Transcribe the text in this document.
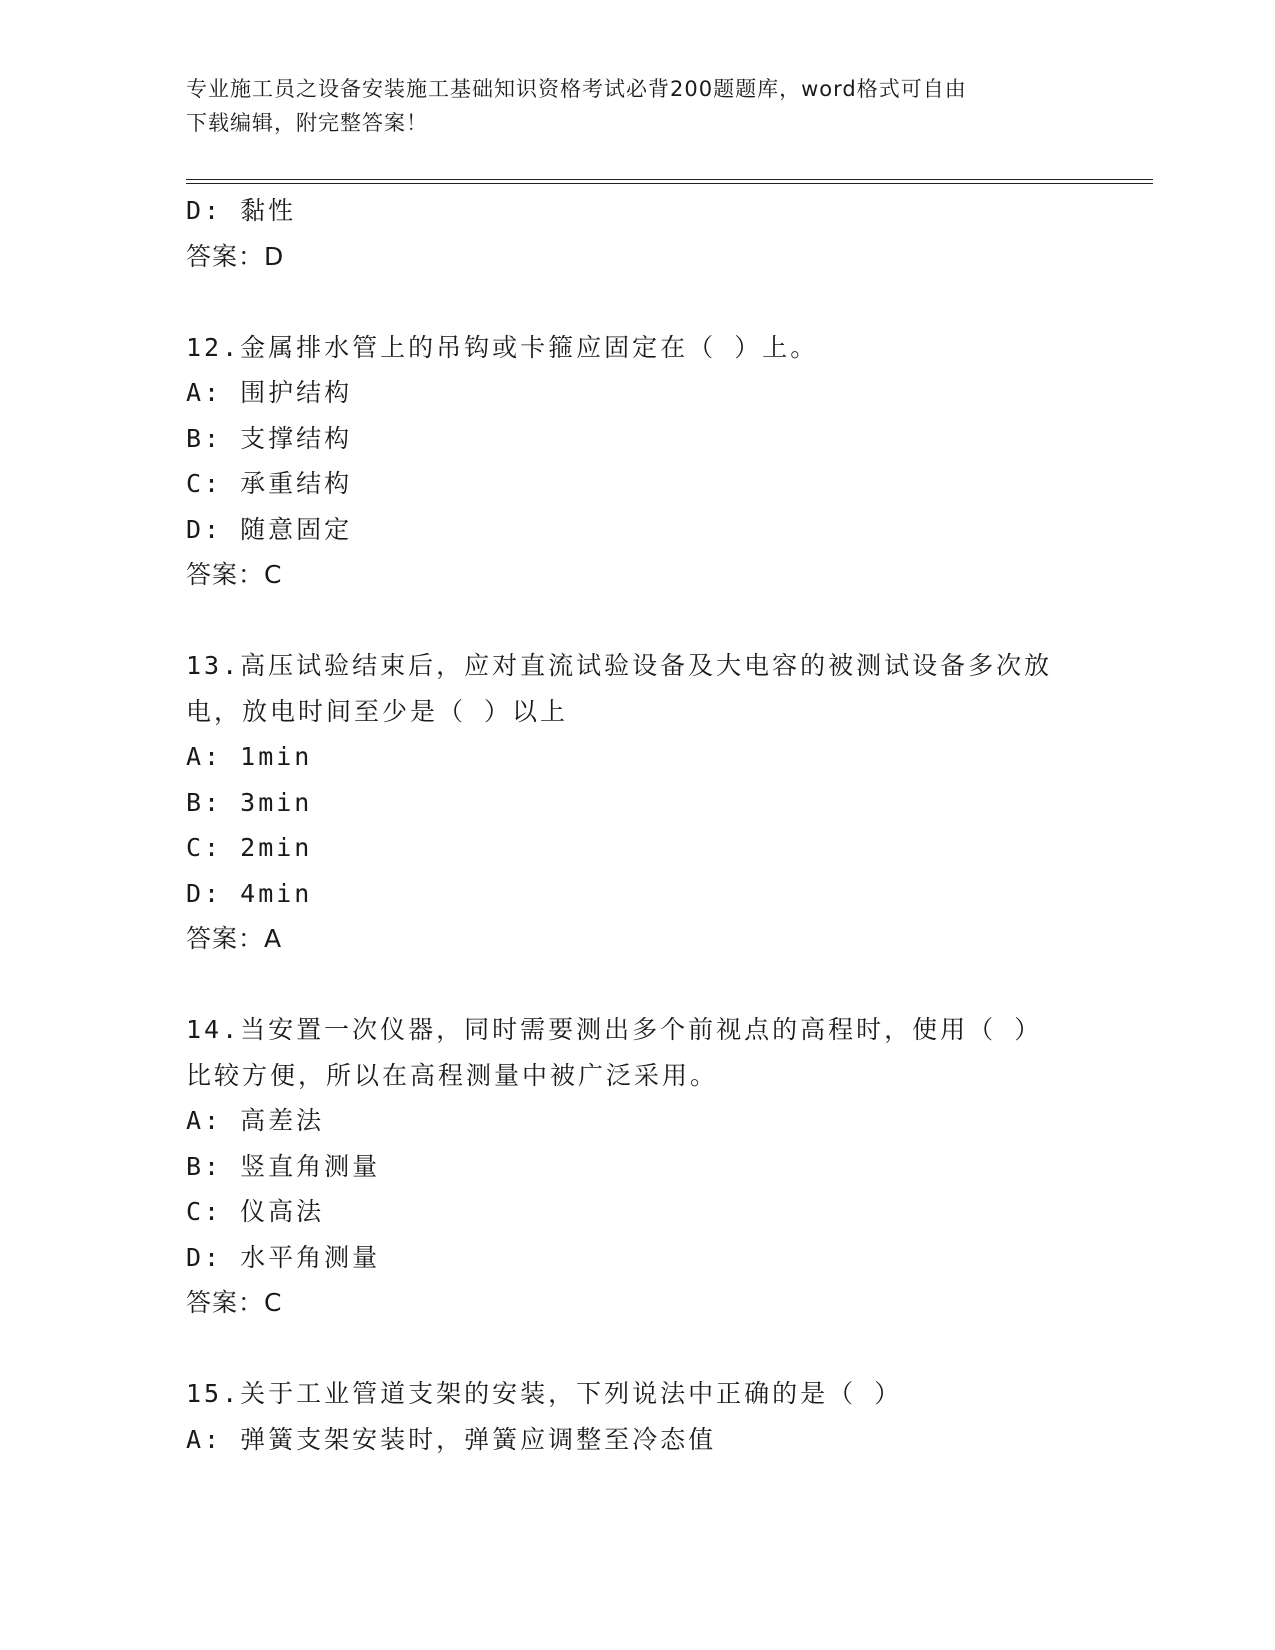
专业施工员之设备安装施工基础知识资格考试必背200题题库，word格式可自由
下载编辑，附完整答案！
D: 黏性
答案：D
12.金属排水管上的吊钩或卡箍应固定在（ ）上。
A: 围护结构
B: 支撑结构
C: 承重结构
D: 随意固定
答案：C
13.高压试验结束后，应对直流试验设备及大电容的被测试设备多次放
电，放电时间至少是（ ）以上
A: 1min
B: 3min
C: 2min
D: 4min
答案：A
14.当安置一次仪器，同时需要测出多个前视点的高程时，使用（ ）
比较方便，所以在高程测量中被广泛采用。
A: 高差法
B: 竖直角测量
C: 仪高法
D: 水平角测量
答案：C
15.关于工业管道支架的安装，下列说法中正确的是（ ）
A: 弹簧支架安装时，弹簧应调整至冷态值
